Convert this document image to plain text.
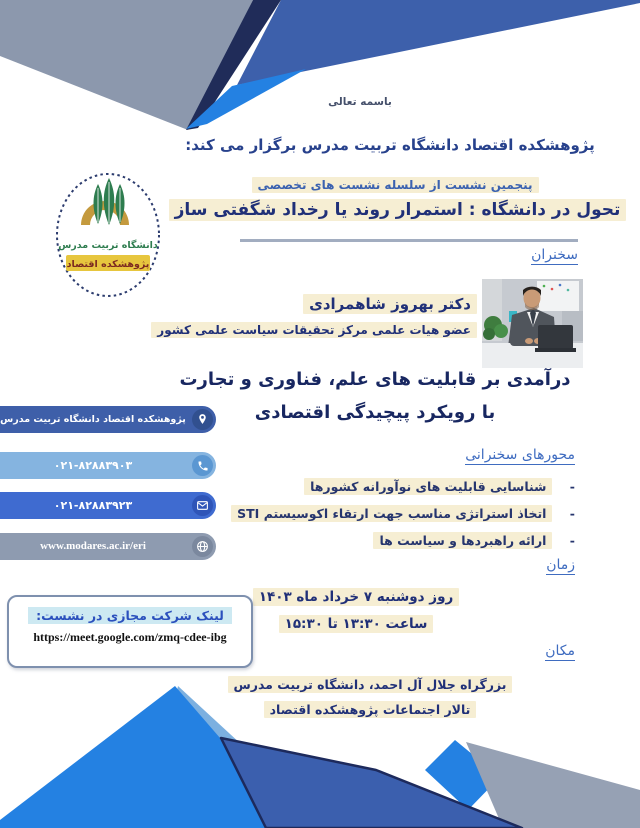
دانشگاه تربیت مدرس
پژوهشکده اقتصاد
باسمه تعالی
پژوهشکده اقتصاد دانشگاه تربیت مدرس برگزار می کند:
پنجمین نشست از سلسله نشست های تخصصی
تحول در دانشگاه : استمرار روند یا رخداد شگفتی ساز
سخنران
دکتر بهروز شاهمرادی
عضو هیات علمی مرکز تحقیقات سیاست علمی کشور
درآمدی بر قابلیت های علم، فناوری و تجارت
با رویکرد پیچیدگی اقتصادی
محورهای سخنرانی
- شناسایی قابلیت های نوآورانه کشورها
- اتخاذ استراتژی مناسب جهت ارتقاء اکوسیستم STI
- ارائه راهبردها و سیاست ها
زمان
روز دوشنبه ۷ خرداد ماه ۱۴۰۳
ساعت ۱۳:۳۰ تا ۱۵:۳۰
مکان
بزرگراه جلال آل احمد، دانشگاه تربیت مدرس
تالار اجتماعات پژوهشکده اقتصاد
لینک شرکت مجازی در نشست:
https://meet.google.com/zmq-cdee-ibg
پژوهشکده اقتصاد دانشگاه تربیت مدرس
۰۲۱-۸۲۸۸۳۹۰۳
۰۲۱-۸۲۸۸۳۹۲۳
www.modares.ac.ir/eri
